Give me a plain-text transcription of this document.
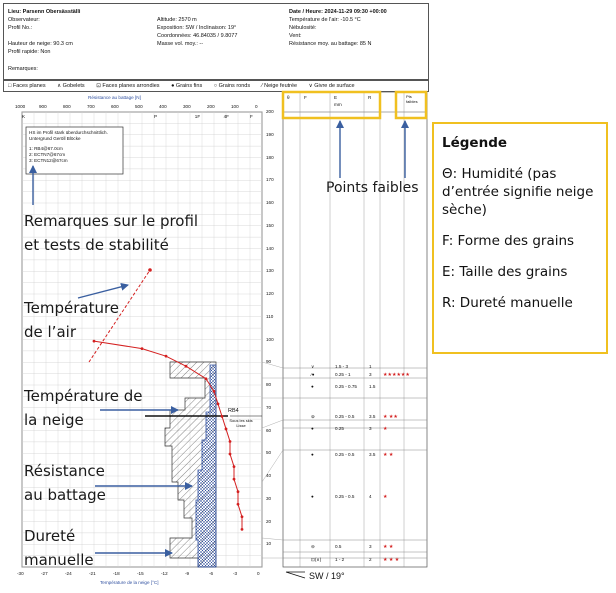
Lieu: Parsenn Obersäsställi
Observateur:
Profil No.:
Hauteur de neige: 90.3 cm
Profil rapide: Non
Remarques:
Altitude: 2570 m
Exposition: SW / Inclinaison: 19°
Coordonnées: 46.84035 / 9.8077
Masse vol. moy.: --
Date / Heure: 2024-11-29 09:30 +00:00
Température de l'air: -10.5 °C
Nébulosité:
Vent:
Résistance moy. au battage: 85 N
□ Faces planes ∧ Gobelets ⊡ Faces planes arrondies ● Grains fins ○ Grains ronds ⁄ Neige feutrée ∨ Givre de surface
Résistance au battage [N]
1000	900	800	700	600	500	400	300	200	100	0
K	P	1F	4F	F
-30	-27	-24	-21	-18	-15	-12	-9	-6	-3	0
Température de la neige [°C]
200
190
180
170
160
150
140
130
120
110
100
90
80
70
60
50
40
30
20
10
HS im Profil stark überdurchschnittlich.
Untergrund Geröll Blöcke
1: RB4@67.0cm
2: ECTN7@67cm
3: ECTN12@67cm
RB4
Sous les skis Lisse
θ	F	E
mm
R	Pts faibles
∨	1.5 - 3	1
⁄●	0.25 - 1	3 ★★★★★★
●	0.25 - 0.75	1.5
⊚	0.25 - 0.5	3.5 ★ ★★
●	0.25	3 ★
●	0.25 - 0.5	3.5 ★ ★
●	0.25 - 0.5	4 ★
⊖	0.5	3 ★ ★
⊡(∧)	1 - 2	2 ★ ★ ★
SW / 19°
Remarques sur le profil
et tests de stabilité
Température
de l’air
Température de
la neige
Résistance
au battage
Dureté
manuelle
Points faibles

Légende

Θ: Humidité (pas d’entrée signifie neige sèche)

F: Forme des grains

E: Taille des grains

R: Dureté manuelle
